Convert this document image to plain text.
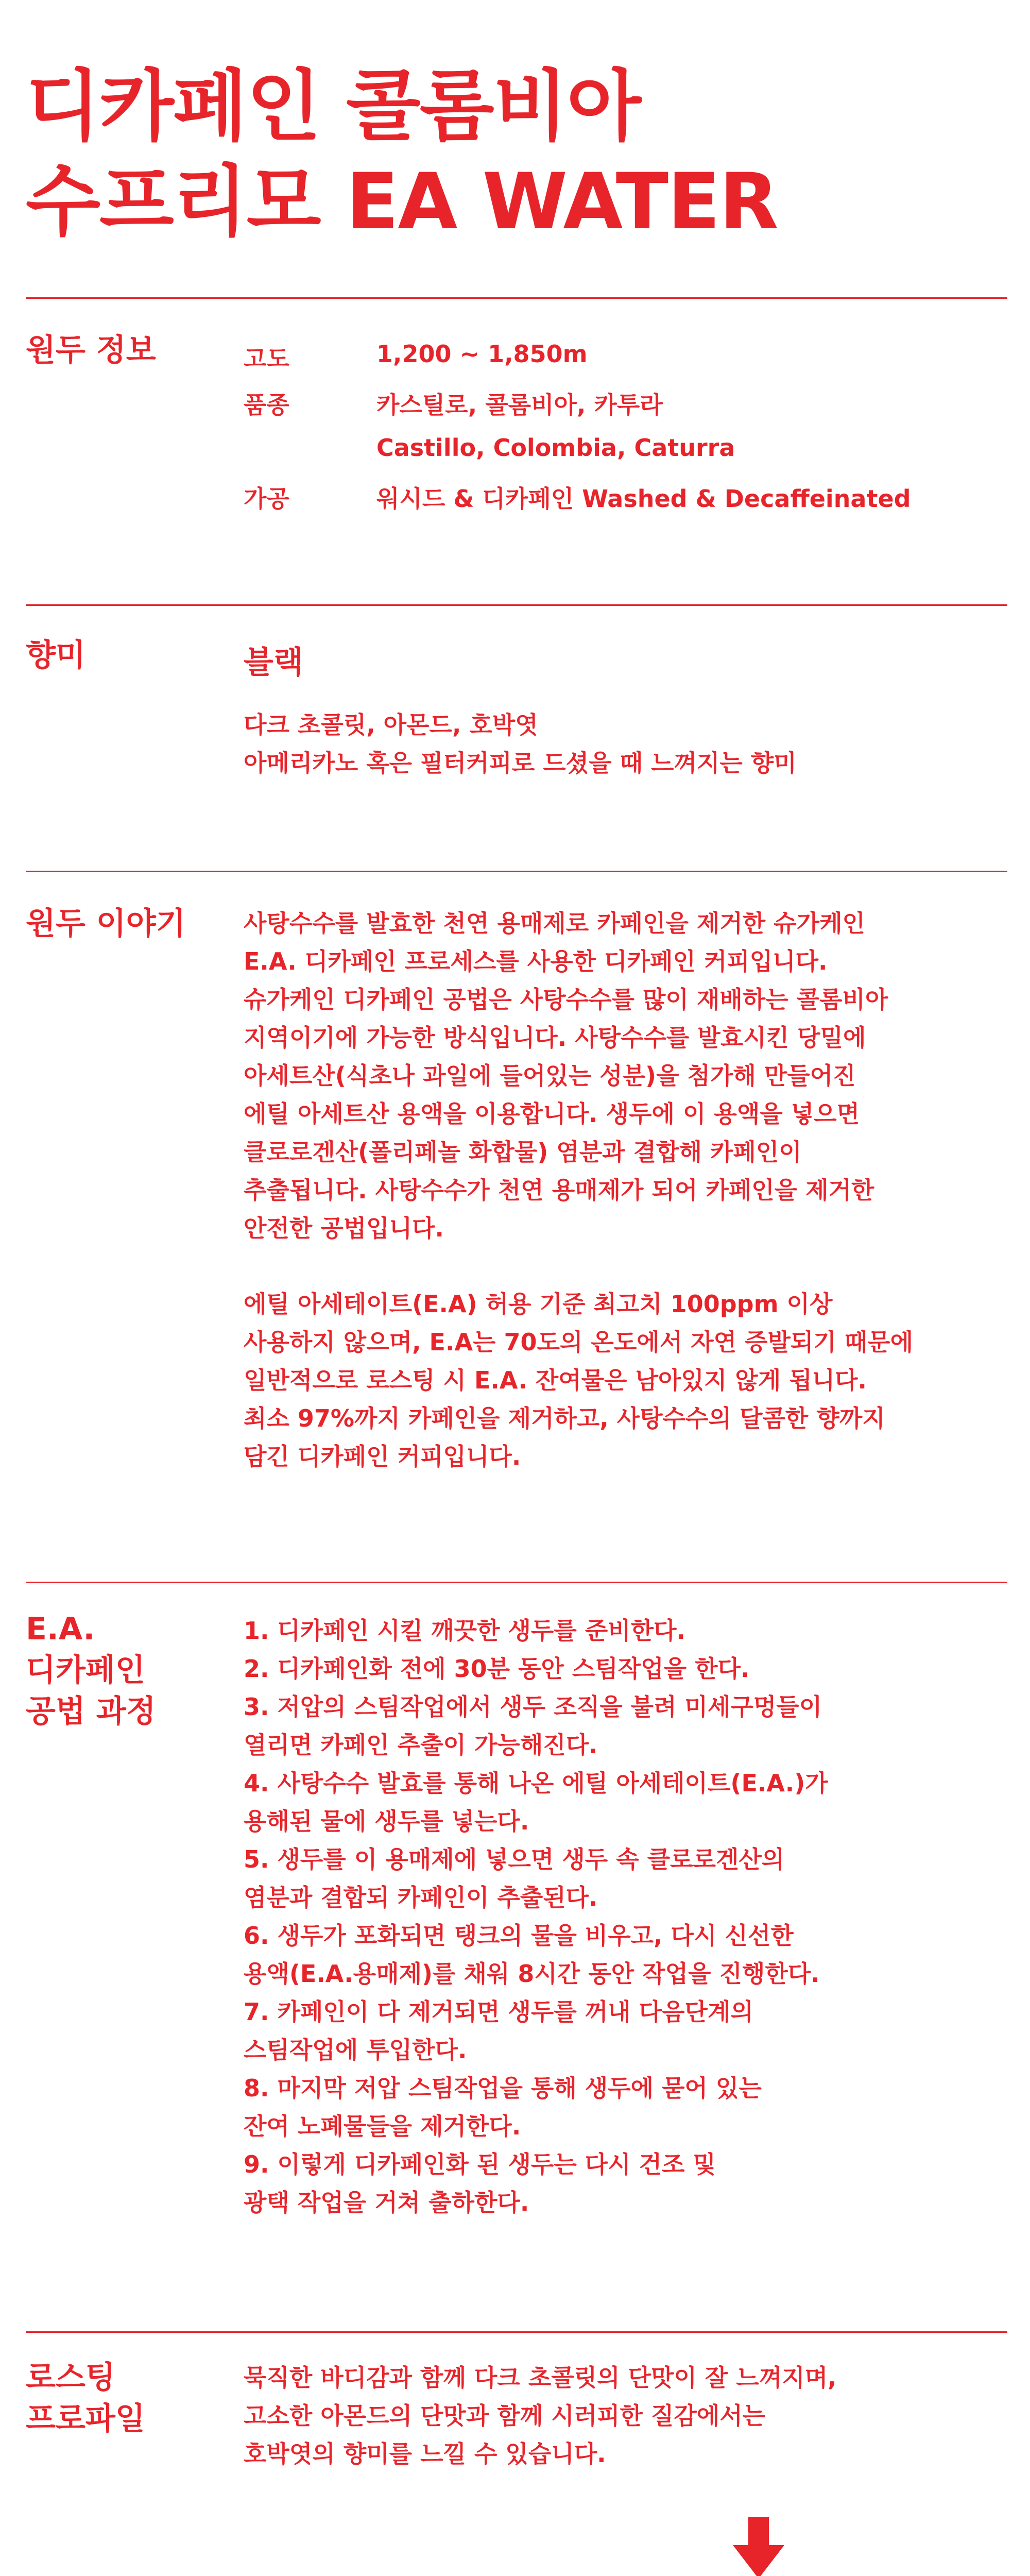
디카페인 콜롬비아
수프리모 EA WATER
원두 정보	고도	1,200 ~ 1,850m
품종	카스틸로, 콜롬비아, 카투라
Castillo, Colombia, Caturra
가공	워시드 & 디카페인 Washed & Decaffeinated
향미	블랙
다크 초콜릿, 아몬드, 호박엿
아메리카노 혹은 필터커피로 드셨을 때 느껴지는 향미
원두 이야기 사탕수수를 발효한 천연 용매제로 카페인을 제거한 슈가케인
E.A. 디카페인 프로세스를 사용한 디카페인 커피입니다.
슈가케인 디카페인 공법은 사탕수수를 많이 재배하는 콜롬비아
지역이기에 가능한 방식입니다. 사탕수수를 발효시킨 당밀에
아세트산(식초나 과일에 들어있는 성분)을 첨가해 만들어진
에틸 아세트산 용액을 이용합니다. 생두에 이 용액을 넣으면
클로로겐산(폴리페놀 화합물) 염분과 결합해 카페인이
추출됩니다. 사탕수수가 천연 용매제가 되어 카페인을 제거한
안전한 공법입니다.
에틸 아세테이트(E.A) 허용 기준 최고치 100ppm 이상
사용하지 않으며, E.A는 70도의 온도에서 자연 증발되기 때문에
일반적으로 로스팅 시 E.A. 잔여물은 남아있지 않게 됩니다.
최소 97%까지 카페인을 제거하고, 사탕수수의 달콤한 향까지
담긴 디카페인 커피입니다.
E.A.
디카페인
공법 과정
1. 디카페인 시킬 깨끗한 생두를 준비한다.
2. 디카페인화 전에 30분 동안 스팀작업을 한다.
3. 저압의 스팀작업에서 생두 조직을 불려 미세구멍들이
열리면 카페인 추출이 가능해진다.
4. 사탕수수 발효를 통해 나온 에틸 아세테이트(E.A.)가
용해된 물에 생두를 넣는다.
5. 생두를 이 용매제에 넣으면 생두 속 클로로겐산의
염분과 결합되 카페인이 추출된다.
6. 생두가 포화되면 탱크의 물을 비우고, 다시 신선한
용액(E.A.용매제)를 채워 8시간 동안 작업을 진행한다.
7. 카페인이 다 제거되면 생두를 꺼내 다음단계의
스팀작업에 투입한다.
8. 마지막 저압 스팀작업을 통해 생두에 묻어 있는
잔여 노폐물들을 제거한다.
9. 이렇게 디카페인화 된 생두는 다시 건조 및
광택 작업을 거쳐 출하한다.
로스팅
프로파일
묵직한 바디감과 함께 다크 초콜릿의 단맛이 잘 느껴지며,
고소한 아몬드의 단맛과 함께 시러피한 질감에서는
호박엿의 향미를 느낄 수 있습니다.
